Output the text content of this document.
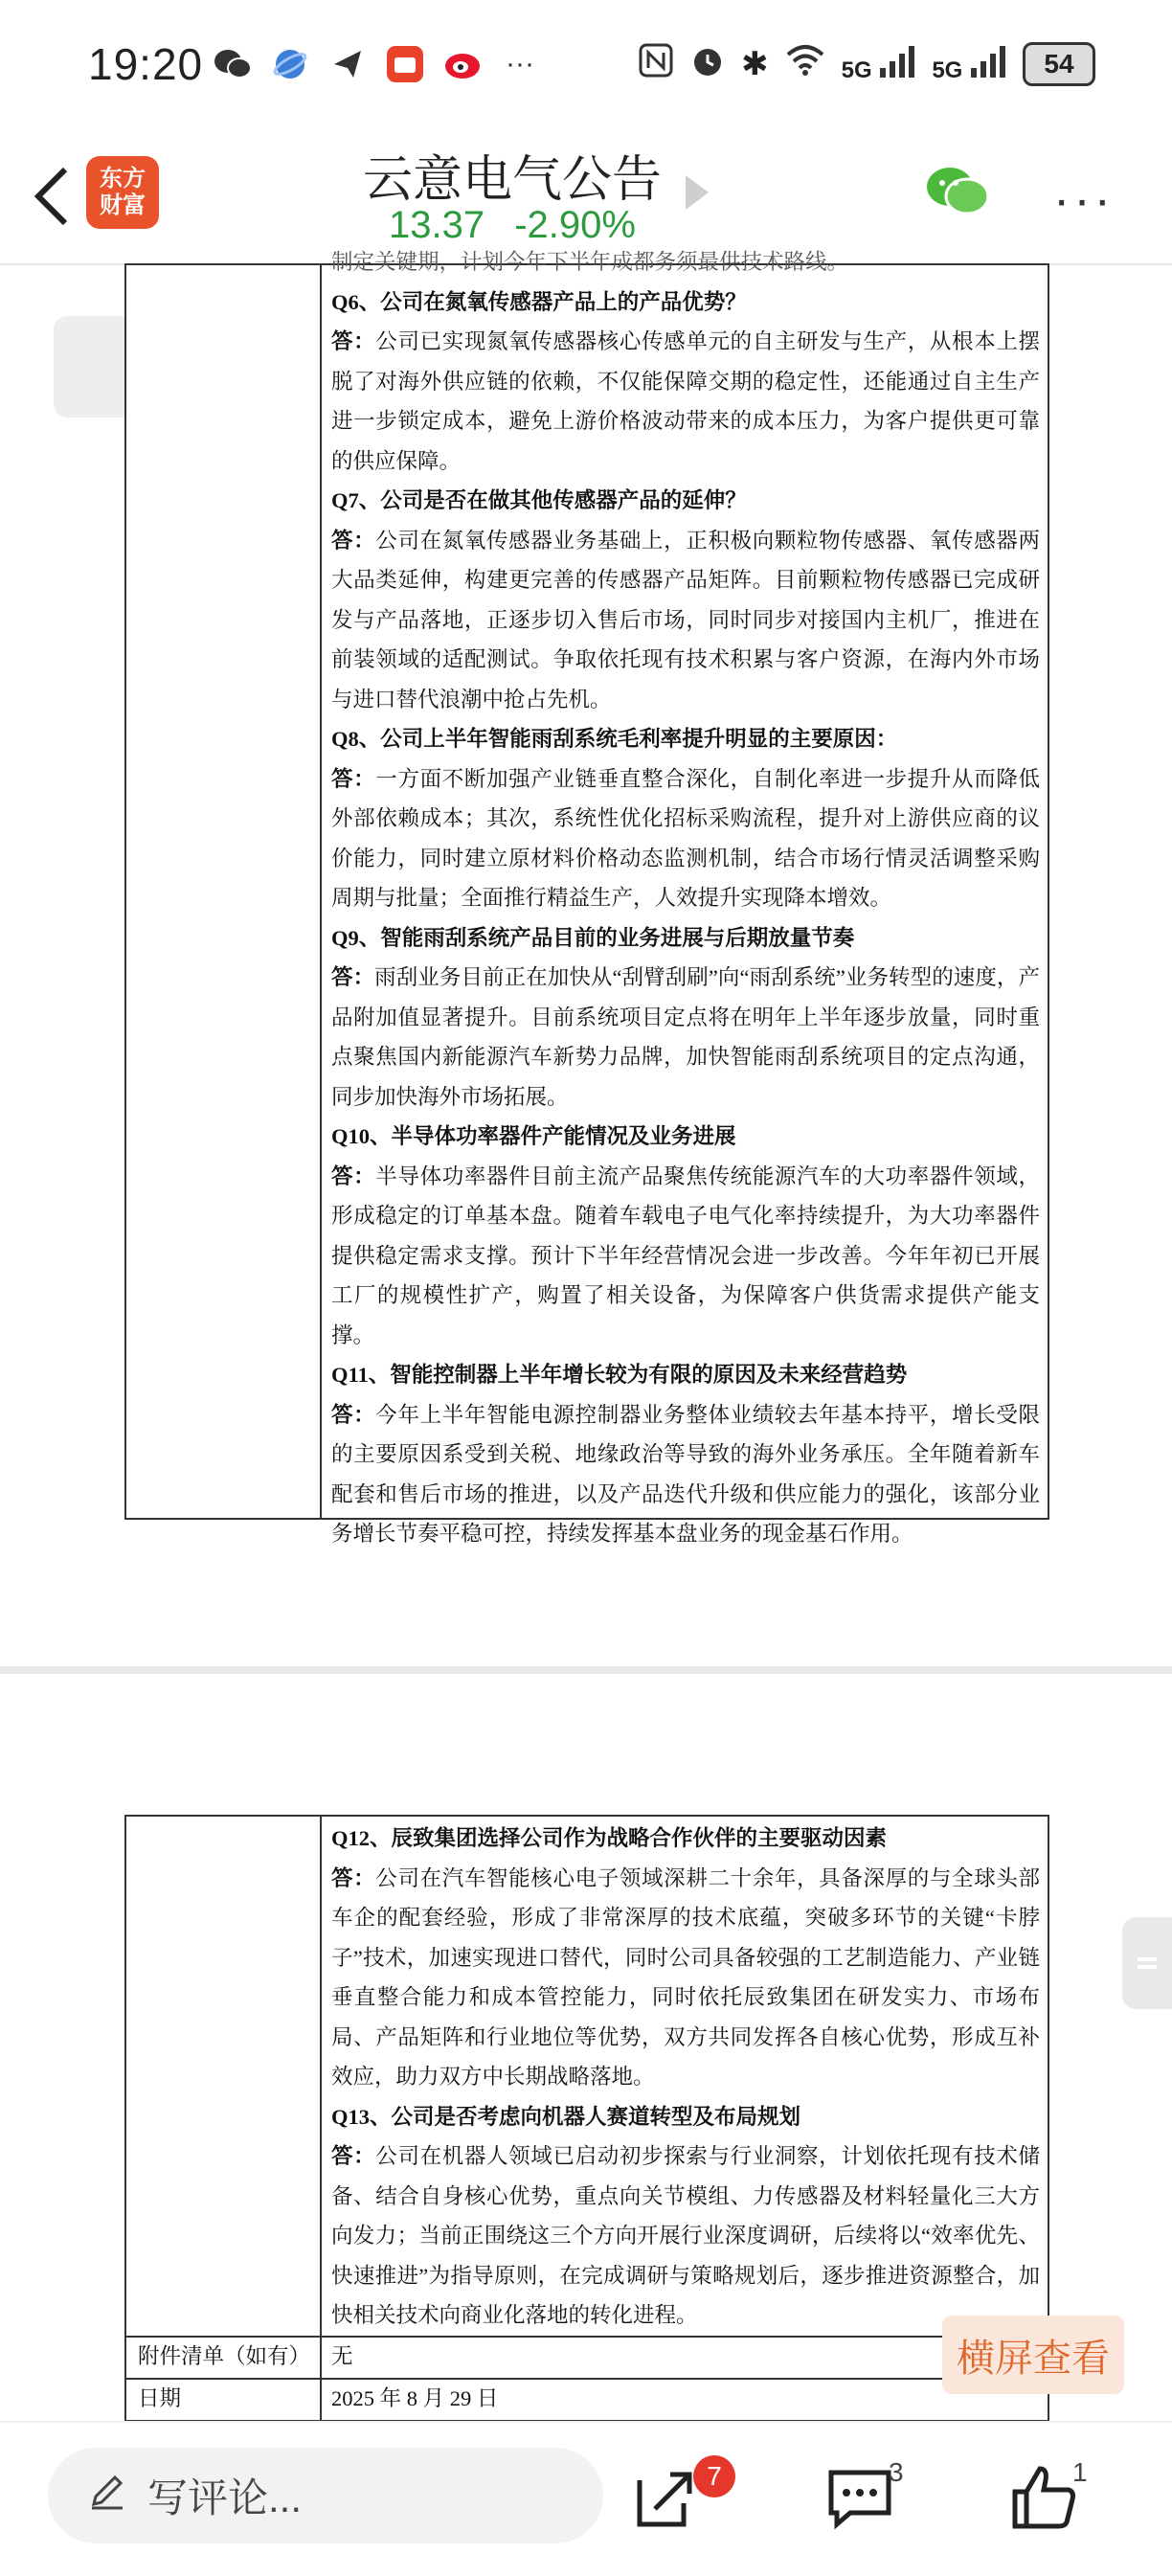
19:20	···	✱	5G	5G	54
东方
财富	云意电气公告
13.37 -2.90%	···
制定关键期，计划今年下半年成都务须最供技术路线。
Q6、公司在氮氧传感器产品上的产品优势？
答：公司已实现氮氧传感器核心传感单元的自主研发与生产，从根本上摆脱了对海外供应链的依赖，不仅能保障交期的稳定性，还能通过自主生产进一步锁定成本，避免上游价格波动带来的成本压力，为客户提供更可靠的供应保障。
Q7、公司是否在做其他传感器产品的延伸？
答：公司在氮氧传感器业务基础上，正积极向颗粒物传感器、氧传感器两大品类延伸，构建更完善的传感器产品矩阵。目前颗粒物传感器已完成研发与产品落地，正逐步切入售后市场，同时同步对接国内主机厂，推进在前装领域的适配测试。争取依托现有技术积累与客户资源，在海内外市场与进口替代浪潮中抢占先机。
Q8、公司上半年智能雨刮系统毛利率提升明显的主要原因：
答：一方面不断加强产业链垂直整合深化，自制化率进一步提升从而降低外部依赖成本；其次，系统性优化招标采购流程，提升对上游供应商的议价能力，同时建立原材料价格动态监测机制，结合市场行情灵活调整采购周期与批量；全面推行精益生产，人效提升实现降本增效。
Q9、智能雨刮系统产品目前的业务进展与后期放量节奏
答：雨刮业务目前正在加快从“刮臂刮刷”向“雨刮系统”业务转型的速度，产品附加值显著提升。目前系统项目定点将在明年上半年逐步放量，同时重点聚焦国内新能源汽车新势力品牌，加快智能雨刮系统项目的定点沟通，同步加快海外市场拓展。
Q10、半导体功率器件产能情况及业务进展
答：半导体功率器件目前主流产品聚焦传统能源汽车的大功率器件领域，形成稳定的订单基本盘。随着车载电子电气化率持续提升，为大功率器件提供稳定需求支撑。预计下半年经营情况会进一步改善。今年年初已开展工厂的规模性扩产，购置了相关设备，为保障客户供货需求提供产能支撑。
Q11、智能控制器上半年增长较为有限的原因及未来经营趋势
答：今年上半年智能电源控制器业务整体业绩较去年基本持平，增长受限的主要原因系受到关税、地缘政治等导致的海外业务承压。全年随着新车配套和售后市场的推进，以及产品迭代升级和供应能力的强化，该部分业务增长节奏平稳可控，持续发挥基本盘业务的现金基石作用。
Q12、辰致集团选择公司作为战略合作伙伴的主要驱动因素
答：公司在汽车智能核心电子领域深耕二十余年，具备深厚的与全球头部车企的配套经验，形成了非常深厚的技术底蕴，突破多环节的关键“卡脖子”技术，加速实现进口替代，同时公司具备较强的工艺制造能力、产业链垂直整合能力和成本管控能力，同时依托辰致集团在研发实力、市场布局、产品矩阵和行业地位等优势，双方共同发挥各自核心优势，形成互补效应，助力双方中长期战略落地。
Q13、公司是否考虑向机器人赛道转型及布局规划
答：公司在机器人领域已启动初步探索与行业洞察，计划依托现有技术储备、结合自身核心优势，重点向关节模组、力传感器及材料轻量化三大方向发力；当前正围绕这三个方向开展行业深度调研，后续将以“效率优先、快速推进”为指导原则，在完成调研与策略规划后，逐步推进资源整合，加快相关技术向商业化落地的转化进程。
附件清单（如有） 无
日期	2025 年 8 月 29 日
横屏查看
写评论...	7	3	1
